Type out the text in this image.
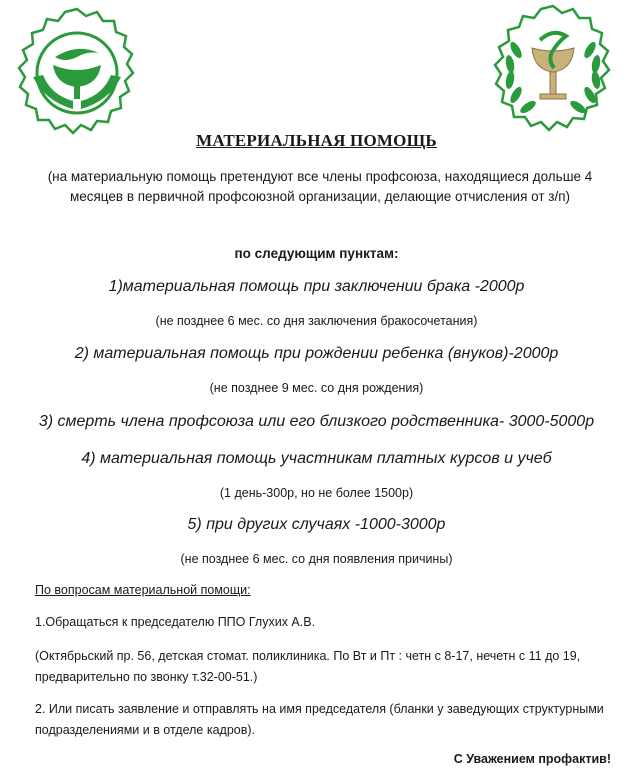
МАТЕРИАЛЬНАЯ ПОМОЩЬ
(на материальную помощь претендуют все члены профсоюза, находящиеся дольше 4 месяцев в первичной профсоюзной организации, делающие отчисления от з/п)
по следующим пунктам:
1)материальная помощь при заключении брака -2000р
(не позднее 6 мес. со дня заключения бракосочетания)
2) материальная помощь при рождении ребенка (внуков)-2000р
(не позднее 9 мес. со дня рождения)
3) смерть члена профсоюза или его близкого родственника- 3000-5000р
4) материальная помощь участникам платных курсов и учеб
(1 день-300р, но не более 1500р)
5) при других случаях -1000-3000р
(не позднее 6 мес. со дня появления причины)
По вопросам материальной помощи:
1.Обращаться к председателю ППО Глухих А.В.
(Октябрьский пр. 56, детская стомат. поликлиника. По Вт и Пт : четн с 8-17, нечетн с 11 до 19, предварительно по звонку т.32-00-51.)
2. Или писать заявление и отправлять на имя председателя (бланки у заведующих структурными подразделениями и в отделе кадров).
С Уважением профактив!
